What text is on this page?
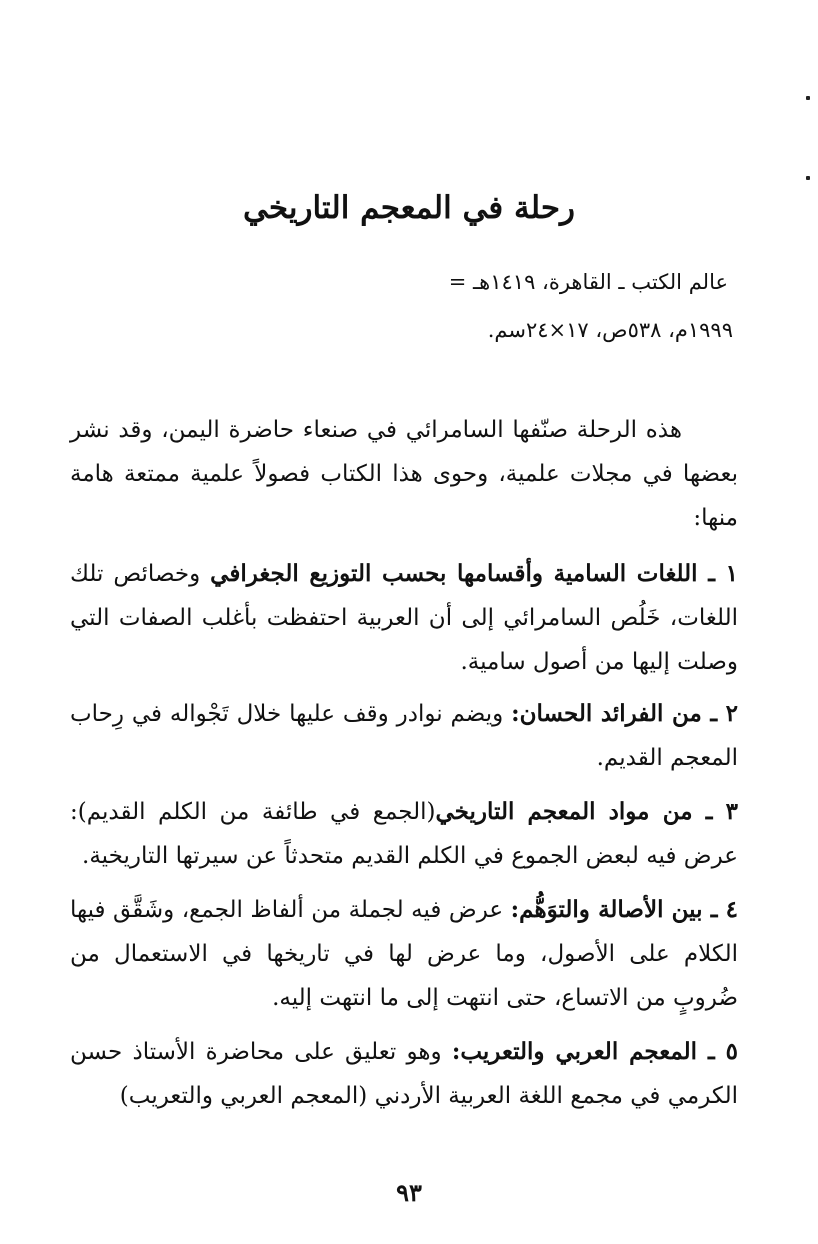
رحلة في المعجم التاريخي

عالم الكتب ـ القاهرة، ١٤١٩هـ =

١٩٩٩م، ٥٣٨ص، ١٧×٢٤سم.

هذه الرحلة صنّفها السامرائي في صنعاء حاضرة اليمن، وقد نشر بعضها في مجلات علمية، وحوى هذا الكتاب فصولاً علمية ممتعة هامة منها:

١ ـ اللغات السامية وأقسامها بحسب التوزيع الجغرافي وخصائص تلك اللغات، خَلُص السامرائي إلى أن العربية احتفظت بأغلب الصفات التي وصلت إليها من أصول سامية.

٢ ـ من الفرائد الحسان: ويضم نوادر وقف عليها خلال تَجْواله في رِحاب المعجم القديم.

٣ ـ من مواد المعجم التاريخي(الجمع في طائفة من الكلم القديم): عرض فيه لبعض الجموع في الكلم القديم متحدثاً عن سيرتها التاريخية.

٤ ـ بين الأصالة والتوَهُّم: عرض فيه لجملة من ألفاظ الجمع، وشَقَّق فيها الكلام على الأصول، وما عرض لها في تاريخها في الاستعمال من ضُروبٍ من الاتساع، حتى انتهت إلى ما انتهت إليه.

٥ ـ المعجم العربي والتعريب: وهو تعليق على محاضرة الأستاذ حسن الكرمي في مجمع اللغة العربية الأردني (المعجم العربي والتعريب)

٩٣
